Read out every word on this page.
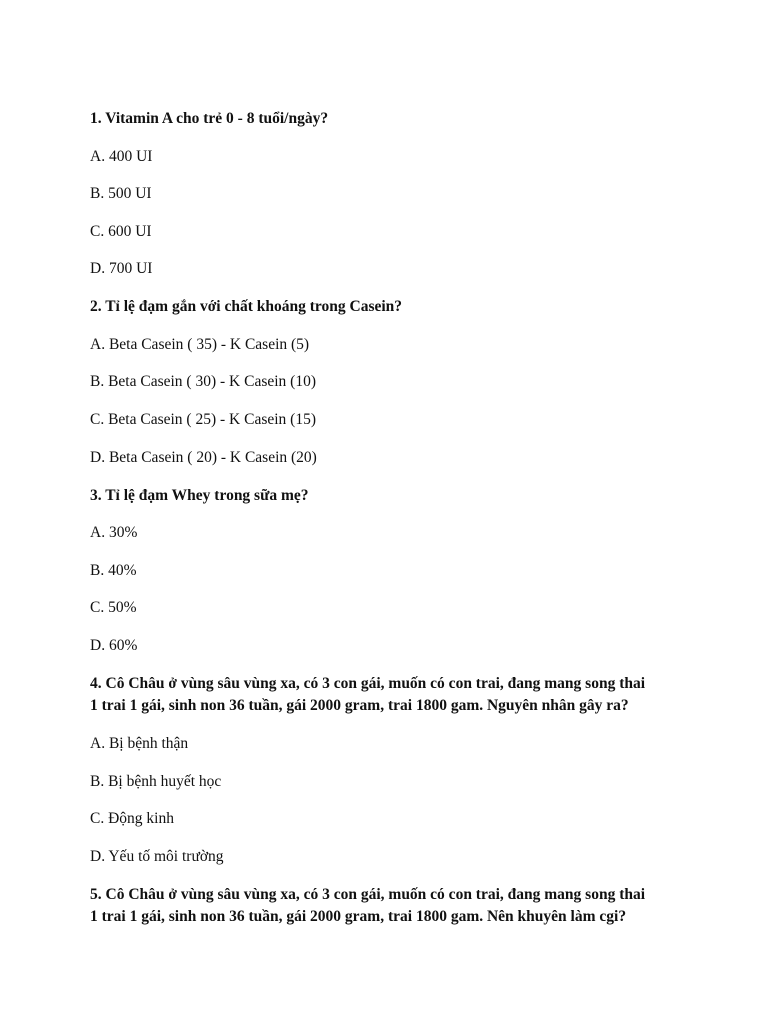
1. Vitamin A cho trẻ 0 - 8 tuổi/ngày?
A. 400 UI
B. 500 UI
C. 600 UI
D. 700 UI
2. Tỉ lệ đạm gắn với chất khoáng trong Casein?
A. Beta Casein ( 35) - K Casein (5)
B. Beta Casein ( 30) - K Casein (10)
C. Beta Casein ( 25) - K Casein (15)
D. Beta Casein ( 20) - K Casein (20)
3. Tỉ lệ đạm Whey trong sữa mẹ?
A. 30%
B. 40%
C. 50%
D. 60%
4. Cô Châu ở vùng sâu vùng xa, có 3 con gái, muốn có con trai, đang mang song thai
1 trai 1 gái, sinh non 36 tuần, gái 2000 gram, trai 1800 gam. Nguyên nhân gây ra?
A. Bị bệnh thận
B. Bị bệnh huyết học
C. Động kinh
D. Yếu tố môi trường
5. Cô Châu ở vùng sâu vùng xa, có 3 con gái, muốn có con trai, đang mang song thai
1 trai 1 gái, sinh non 36 tuần, gái 2000 gram, trai 1800 gam. Nên khuyên làm cgi?
